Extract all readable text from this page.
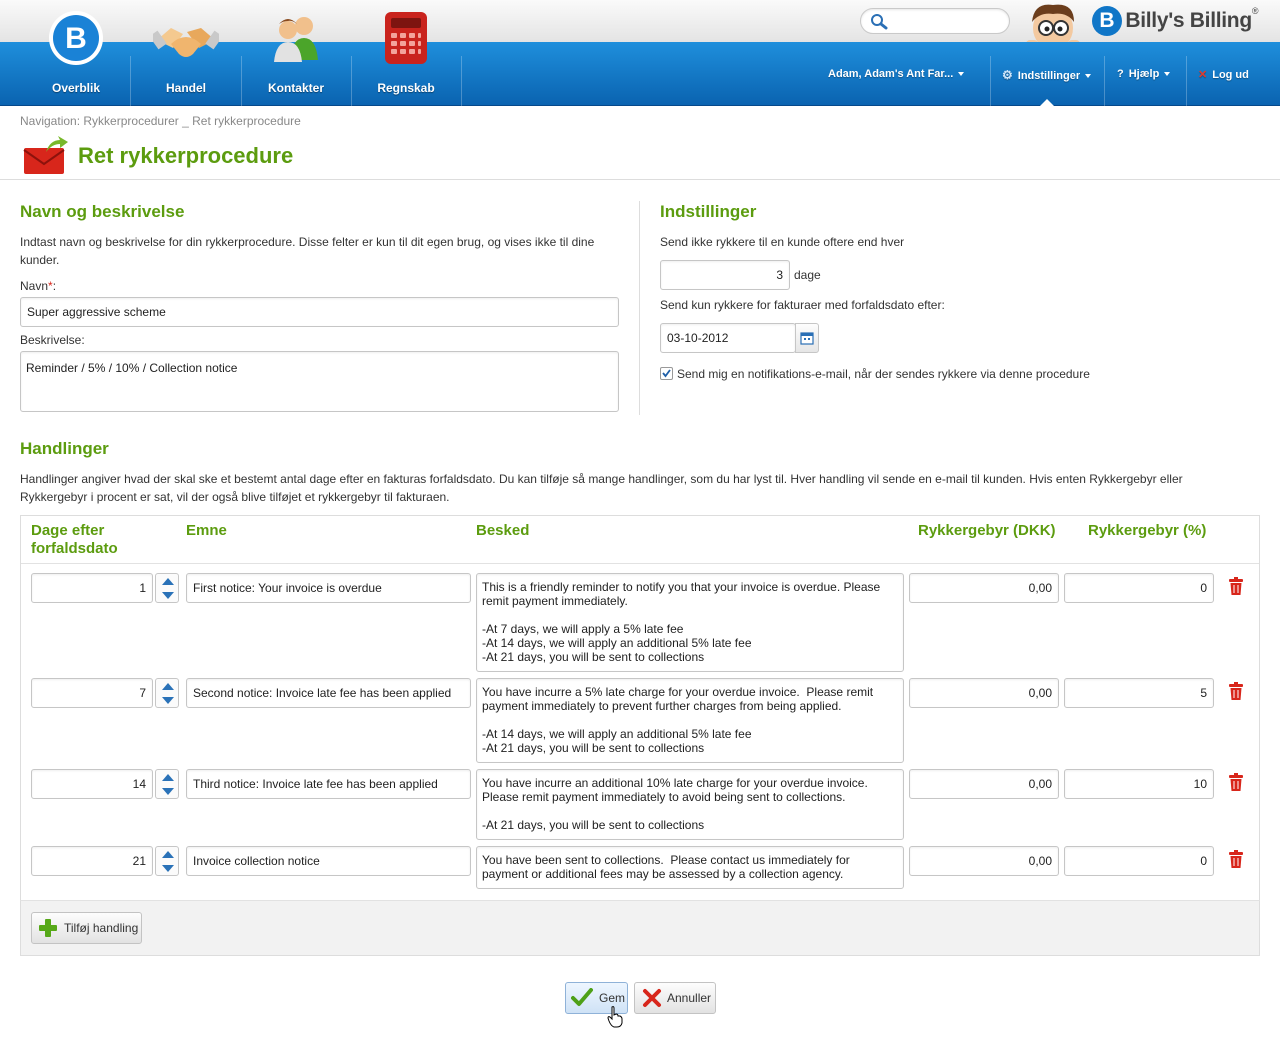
B Billy's Billing®
B
Overblik	Handel	Kontakter	Regnskab
Adam, Adam's Ant Far...	⚙ Indstillinger	? Hjælp	✕ Log ud
Navigation: Rykkerprocedurer _ Ret rykkerprocedure
Ret rykkerprocedure
Navn og beskrivelse
Indtast navn og beskrivelse for din rykkerprocedure. Disse felter er kun til dit egen brug, og vises ikke til dine kunder.
Navn*:
Super aggressive scheme
Beskrivelse:
Reminder / 5% / 10% / Collection notice
Indstillinger
Send ikke rykkere til en kunde oftere end hver
3 dage
Send kun rykkere for fakturaer med forfaldsdato efter:
03-10-2012
Send mig en notifikations-e-mail, når der sendes rykkere via denne procedure
Handlinger
Handlinger angiver hvad der skal ske et bestemt antal dage efter en fakturas forfaldsdato. Du kan tilføje så mange handlinger, som du har lyst til. Hver handling vil sende en e-mail til kunden. Hvis enten Rykkergebyr eller Rykkergebyr i procent er sat, vil der også blive tilføjet et rykkergebyr til fakturaen.
Dage efter forfaldsdato
Emne	Besked	Rykkergebyr (DKK) Rykkergebyr (%)
1	First notice: Your invoice is overdue	This is a friendly reminder to notify you that your invoice is overdue. Please remit payment immediately.

-At 7 days, we will apply a 5% late fee
-At 14 days, we will apply an additional 5% late fee
-At 21 days, you will be sent to collections
0,00	0
7	Second notice: Invoice late fee has been applied	You have incurre a 5% late charge for your overdue invoice.  Please remit payment immediately to prevent further charges from being applied.

-At 14 days, we will apply an additional 5% late fee
-At 21 days, you will be sent to collections
0,00	5
14	Third notice: Invoice late fee has been applied	You have incurre an additional 10% late charge for your overdue invoice.  Please remit payment immediately to avoid being sent to collections.

-At 21 days, you will be sent to collections
0,00	10
21	Invoice collection notice	You have been sent to collections.  Please contact us immediately for payment or additional fees may be assessed by a collection agency.
0,00	0
Tilføj handling
Gem	Annuller
